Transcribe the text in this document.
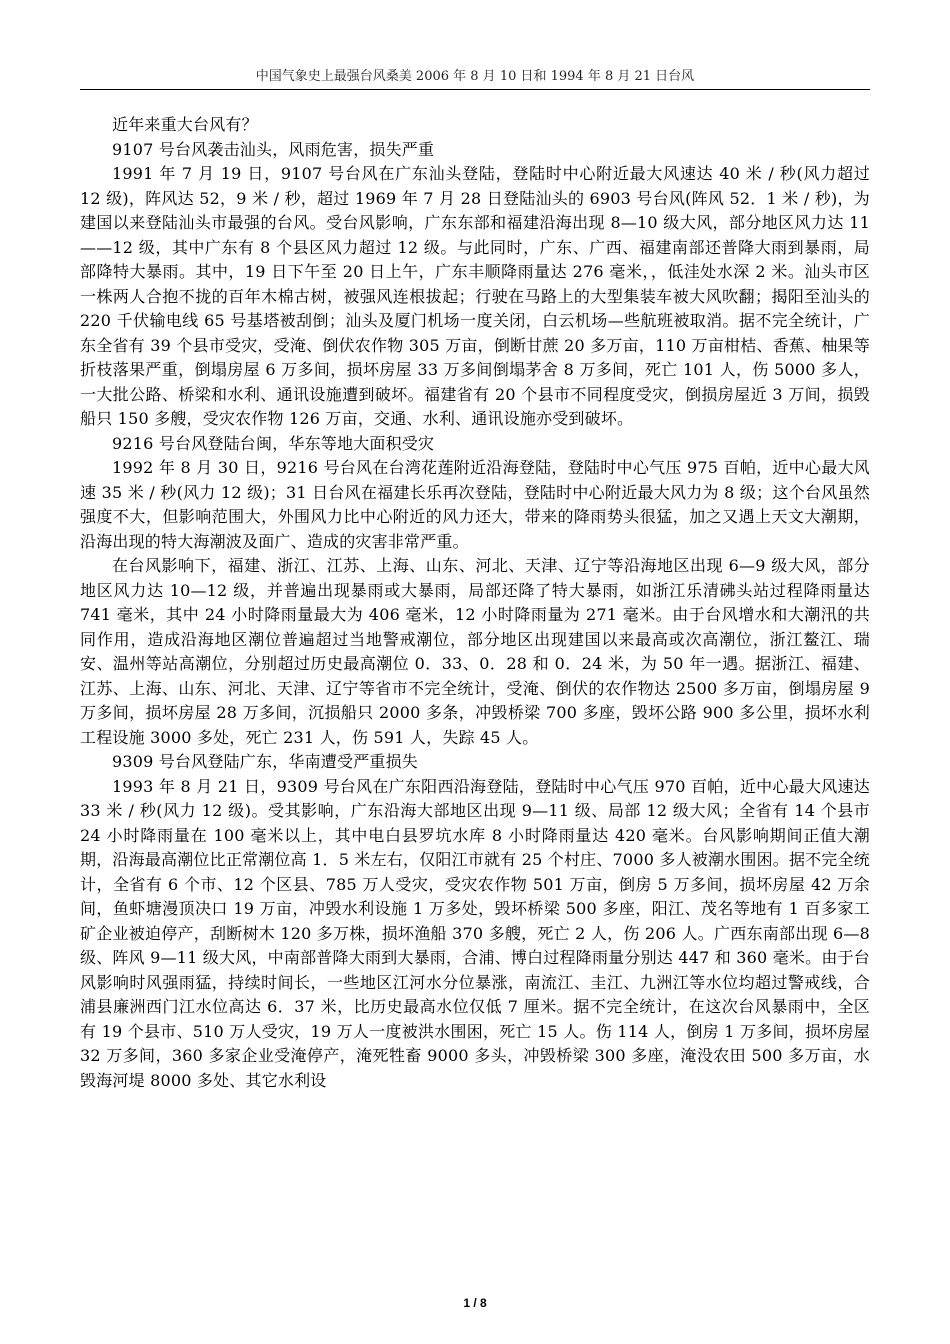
中国气象史上最强台风桑美 2006 年 8 月 10 日和 1994 年 8 月 21 日台风

近年来重大台风有？

9107 号台风袭击汕头，风雨危害，损失严重

1991 年 7 月 19 日，9107 号台风在广东汕头登陆，登陆时中心附近最大风速达 40 米 / 秒(风力超过 12 级)，阵风达 52，9 米 / 秒，超过 1969 年 7 月 28 日登陆汕头的 6903 号台风(阵风 52．1 米 / 秒)，为建国以来登陆汕头市最强的台风。受台风影响，广东东部和福建沿海出现 8—10 级大风，部分地区风力达 11——12 级，其中广东有 8 个县区风力超过 12 级。与此同时，广东、广西、福建南部还普降大雨到暴雨，局部降特大暴雨。其中，19 日下午至 20 日上午，广东丰顺降雨量达 276 毫米，，低洼处水深 2 米。汕头市区一株两人合抱不拢的百年木棉古树，被强风连根拔起；行驶在马路上的大型集装车被大风吹翻；揭阳至汕头的 220 千伏输电线 65 号基塔被刮倒；汕头及厦门机场一度关闭，白云机场—些航班被取消。据不完全统计，广东全省有 39 个县市受灾，受淹、倒伏农作物 305 万亩，倒断甘蔗 20 多万亩，110 万亩柑桔、香蕉、柚果等折枝落果严重，倒塌房屋 6 万多间，损坏房屋 33 万多间倒塌茅舍 8 万多间，死亡 101 人，伤 5000 多人，一大批公路、桥梁和水利、通讯设施遭到破坏。福建省有 20 个县市不同程度受灾，倒损房屋近 3 万间，损毁船只 150 多艘，受灾农作物 126 万亩，交通、水利、通讯设施亦受到破坏。

9216 号台风登陆台闽，华东等地大面积受灾

1992 年 8 月 30 日，9216 号台风在台湾花莲附近沿海登陆，登陆时中心气压 975 百帕，近中心最大风速 35 米 / 秒(风力 12 级)；31 日台风在福建长乐再次登陆，登陆时中心附近最大风力为 8 级；这个台风虽然强度不大，但影响范围大，外围风力比中心附近的风力还大，带来的降雨势头很猛，加之又遇上天文大潮期，沿海出现的特大海潮波及面广、造成的灾害非常严重。

在台风影响下，福建、浙江、江苏、上海、山东、河北、天津、辽宁等沿海地区出现 6—9 级大风，部分地区风力达 10—12 级，并普遍出现暴雨或大暴雨，局部还降了特大暴雨，如浙江乐清砩头站过程降雨量达 741 毫米，其中 24 小时降雨量最大为 406 毫米，12 小时降雨量为 271 毫米。由于台风增水和大潮汛的共同作用，造成沿海地区潮位普遍超过当地警戒潮位，部分地区出现建国以来最高或次高潮位，浙江鳌江、瑞安、温州等站高潮位，分别超过历史最高潮位 0．33、0．28 和 0．24 米，为 50 年一遇。据浙江、福建、江苏、上海、山东、河北、天津、辽宁等省市不完全统计，受淹、倒伏的农作物达 2500 多万亩，倒塌房屋 9 万多间，损坏房屋 28 万多间，沉损船只 2000 多条，冲毁桥梁 700 多座，毁坏公路 900 多公里，损坏水利工程设施 3000 多处，死亡 231 人，伤 591 人，失踪 45 人。

9309 号台风登陆广东，华南遭受严重损失

1993 年 8 月 21 日，9309 号台风在广东阳西沿海登陆，登陆时中心气压 970 百帕，近中心最大风速达 33 米 / 秒(风力 12 级)。受其影响，广东沿海大部地区出现 9—11 级、局部 12 级大风；全省有 14 个县市 24 小时降雨量在 100 毫米以上，其中电白县罗坑水库 8 小时降雨量达 420 毫米。台风影响期间正值大潮期，沿海最高潮位比正常潮位高 1．5 米左右，仅阳江市就有 25 个村庄、7000 多人被潮水围困。据不完全统计，全省有 6 个市、12 个区县、785 万人受灾，受灾农作物 501 万亩，倒房 5 万多间，损坏房屋 42 万余间，鱼虾塘漫顶决口 19 万亩，冲毁水利设施 1 万多处，毁坏桥梁 500 多座，阳江、茂名等地有 1 百多家工矿企业被迫停产，刮断树木 120 多万株，损坏渔船 370 多艘，死亡 2 人，伤 206 人。广西东南部出现 6—8 级、阵风 9—11 级大风，中南部普降大雨到大暴雨，合浦、博白过程降雨量分别达 447 和 360 毫米。由于台风影响时风强雨猛，持续时间长，一些地区江河水分位暴涨，南流江、圭江、九洲江等水位均超过警戒线，合浦县廉洲西门江水位高达 6．37 米，比历史最高水位仅低 7 厘米。据不完全统计，在这次台风暴雨中，全区有 19 个县市、510 万人受灾，19 万人一度被洪水围困，死亡 15 人。伤 114 人，倒房 1 万多间，损坏房屋 32 万多间，360 多家企业受淹停产，淹死牲畜 9000 多头，冲毁桥梁 300 多座，淹没农田 500 多万亩，水毁海河堤 8000 多处、其它水利设

1 / 8
